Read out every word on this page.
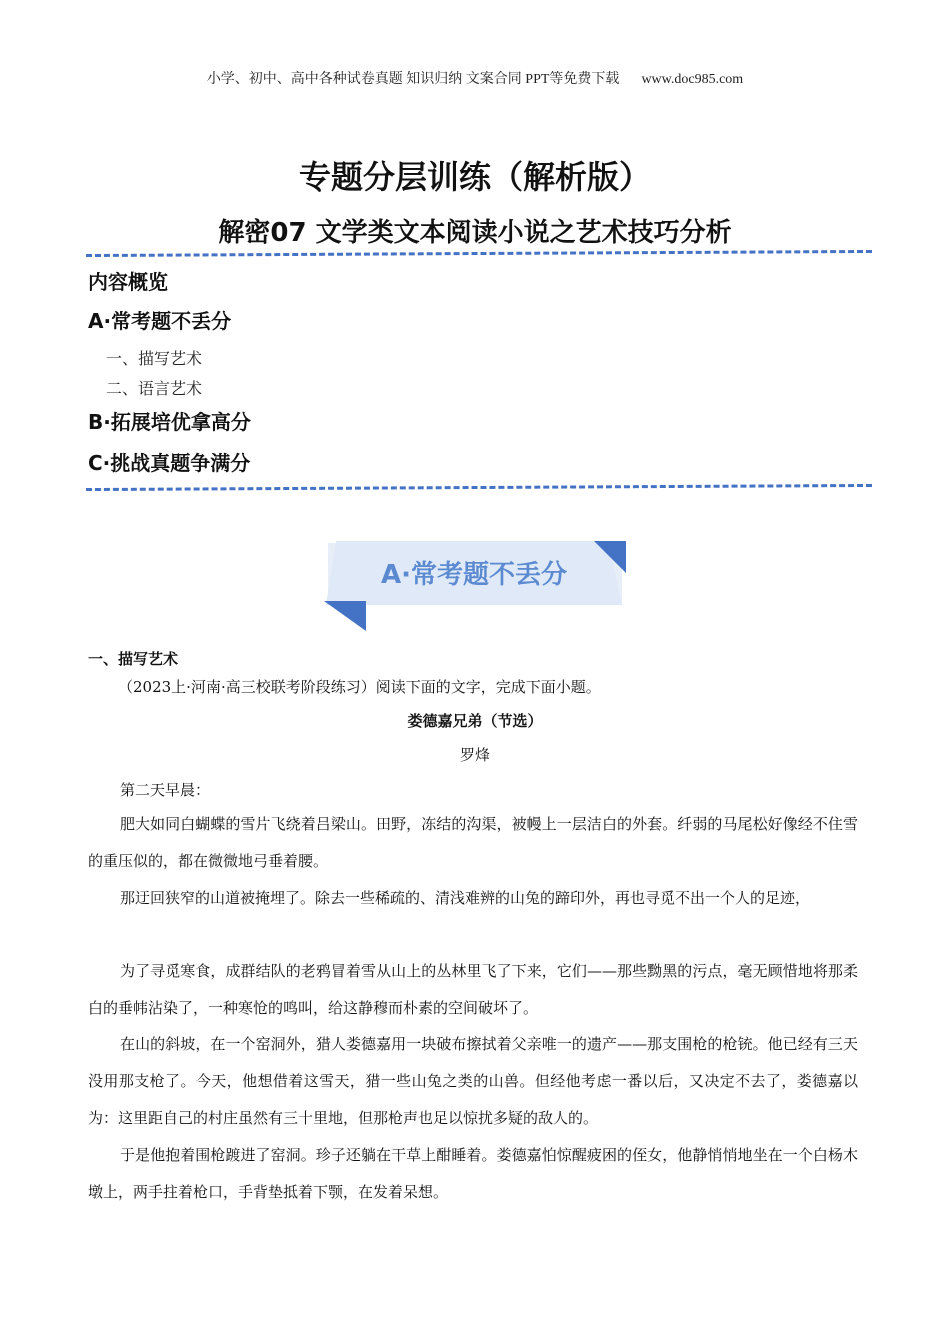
小学、初中、高中各种试卷真题 知识归纳 文案合同 PPT等免费下载 www.doc985.com
专题分层训练（解析版）
解密07 文学类文本阅读小说之艺术技巧分析
内容概览
A·常考题不丢分
一、描写艺术
二、语言艺术
B·拓展培优拿高分
C·挑战真题争满分
A·常考题不丢分
一、描写艺术
（2023上·河南·高三校联考阶段练习）阅读下面的文字，完成下面小题。
娄德嘉兄弟（节选）
罗烽

第二天早晨：

肥大如同白蝴蝶的雪片飞绕着吕梁山。田野，冻结的沟渠，被幔上一层洁白的外套。纤弱的马尾松好像经不住雪的重压似的，都在微微地弓垂着腰。

那迂回狭窄的山道被掩埋了。除去一些稀疏的、清浅难辨的山兔的蹄印外，再也寻觅不出一个人的足迹，

为了寻觅寒食，成群结队的老鸦冒着雪从山上的丛林里飞了下来，它们——那些黝黑的污点，毫无顾惜地将那柔白的垂帏沾染了，一种寒怆的鸣叫，给这静穆而朴素的空间破坏了。

在山的斜坡，在一个窑洞外，猎人娄德嘉用一块破布擦拭着父亲唯一的遗产——那支围枪的枪铳。他已经有三天没用那支枪了。今天，他想借着这雪天，猎一些山兔之类的山兽。但经他考虑一番以后，又决定不去了，娄德嘉以为：这里距自己的村庄虽然有三十里地，但那枪声也足以惊扰多疑的敌人的。

于是他抱着围枪踱进了窑洞。珍子还躺在干草上酣睡着。娄德嘉怕惊醒疲困的侄女，他静悄悄地坐在一个白杨木墩上，两手拄着枪口，手背垫抵着下颚，在发着呆想。
